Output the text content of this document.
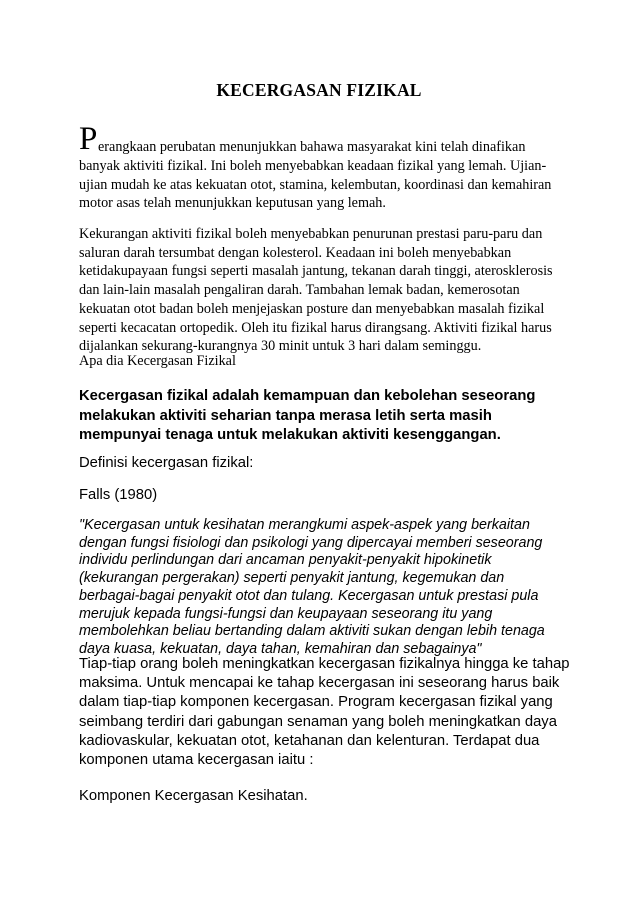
KECERGASAN FIZIKAL
P erangkaan perubatan menunjukkan bahawa masyarakat kini telah dinafikan
banyak aktiviti fizikal. Ini boleh menyebabkan keadaan fizikal yang lemah. Ujian-
ujian mudah ke atas kekuatan otot, stamina, kelembutan, koordinasi dan kemahiran
motor asas telah menunjukkan keputusan yang lemah.
Kekurangan aktiviti fizikal boleh menyebabkan penurunan prestasi paru-paru dan
saluran darah tersumbat dengan kolesterol. Keadaan ini boleh menyebabkan
ketidakupayaan fungsi seperti masalah jantung, tekanan darah tinggi, aterosklerosis
dan lain-lain masalah pengaliran darah. Tambahan lemak badan, kemerosotan
kekuatan otot badan boleh menjejaskan posture dan menyebabkan masalah fizikal
seperti kecacatan ortopedik. Oleh itu fizikal harus dirangsang. Aktiviti fizikal harus
dijalankan sekurang-kurangnya 30 minit untuk 3 hari dalam seminggu.
Apa dia Kecergasan Fizikal
Kecergasan fizikal adalah kemampuan dan kebolehan seseorang
melakukan aktiviti seharian tanpa merasa letih serta masih
mempunyai tenaga untuk melakukan aktiviti kesenggangan.
Definisi kecergasan fizikal:
Falls (1980)
"Kecergasan untuk kesihatan merangkumi aspek-aspek yang berkaitan
dengan fungsi fisiologi dan psikologi yang dipercayai memberi seseorang
individu perlindungan dari ancaman penyakit-penyakit hipokinetik
(kekurangan pergerakan) seperti penyakit jantung, kegemukan dan
berbagai-bagai penyakit otot dan tulang. Kecergasan untuk prestasi pula
merujuk kepada fungsi-fungsi dan keupayaan seseorang itu yang
membolehkan beliau bertanding dalam aktiviti sukan dengan lebih tenaga
daya kuasa, kekuatan, daya tahan, kemahiran dan sebagainya"
Tiap-tiap orang boleh meningkatkan kecergasan fizikalnya hingga ke tahap
maksima. Untuk mencapai ke tahap kecergasan ini seseorang harus baik
dalam tiap-tiap komponen kecergasan. Program kecergasan fizikal yang
seimbang terdiri dari gabungan senaman yang boleh meningkatkan daya
kadiovaskular, kekuatan otot, ketahanan dan kelenturan. Terdapat dua
komponen utama kecergasan iaitu :
Komponen Kecergasan Kesihatan.
